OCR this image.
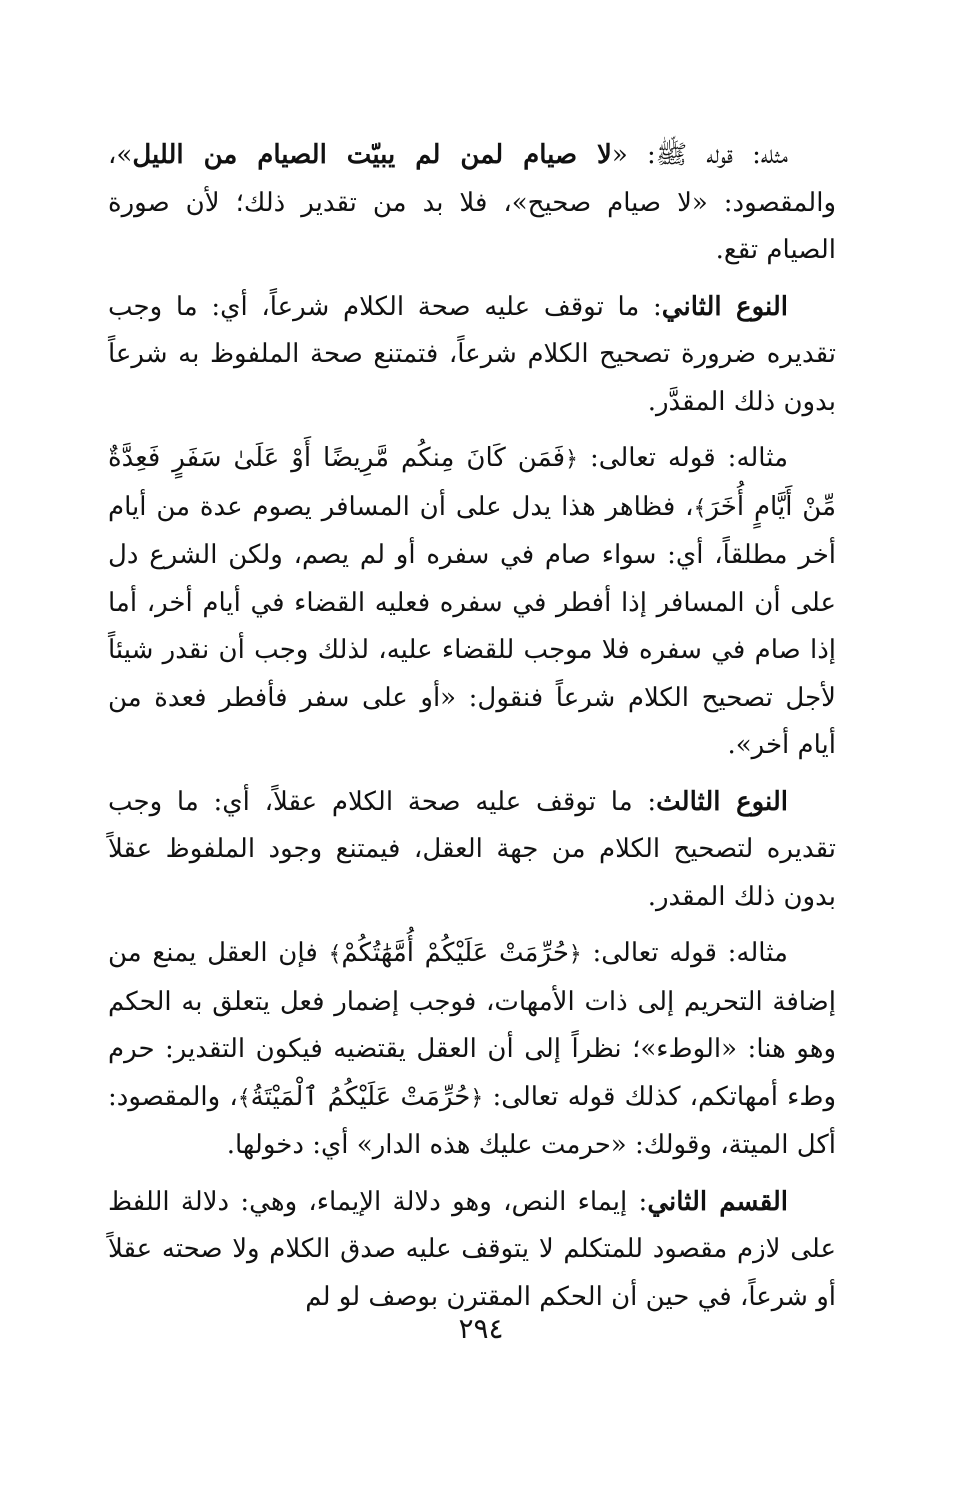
مثله: قوله ﷺ: «لا صيام لمن لم يبيّت الصيام من الليل»، والمقصود: «لا صيام صحيح»، فلا بد من تقدير ذلك؛ لأن صورة الصيام تقع.

النوع الثاني: ما توقف عليه صحة الكلام شرعاً، أي: ما وجب تقديره ضرورة تصحيح الكلام شرعاً، فتمتنع صحة الملفوظ به شرعاً بدون ذلك المقدَّر.

مثاله: قوله تعالى: ﴿فَمَن كَانَ مِنكُم مَّرِيضًا أَوْ عَلَىٰ سَفَرٍ فَعِدَّةٌ مِّنْ أَيَّامٍ أُخَرَ﴾، فظاهر هذا يدل على أن المسافر يصوم عدة من أيام أخر مطلقاً، أي: سواء صام في سفره أو لم يصم، ولكن الشرع دل على أن المسافر إذا أفطر في سفره فعليه القضاء في أيام أخر، أما إذا صام في سفره فلا موجب للقضاء عليه، لذلك وجب أن نقدر شيئاً لأجل تصحيح الكلام شرعاً فنقول: «أو على سفر فأفطر فعدة من أيام أخر».

النوع الثالث: ما توقف عليه صحة الكلام عقلاً، أي: ما وجب تقديره لتصحيح الكلام من جهة العقل، فيمتنع وجود الملفوظ عقلاً بدون ذلك المقدر.

مثاله: قوله تعالى: ﴿حُرِّمَتْ عَلَيْكُمْ أُمَّهَٰتُكُمْ﴾ فإن العقل يمنع من إضافة التحريم إلى ذات الأمهات، فوجب إضمار فعل يتعلق به الحكم وهو هنا: «الوطء»؛ نظراً إلى أن العقل يقتضيه فيكون التقدير: حرم وطء أمهاتكم، كذلك قوله تعالى: ﴿حُرِّمَتْ عَلَيْكُمُ ٱلْمَيْتَةُ﴾، والمقصود: أكل الميتة، وقولك: «حرمت عليك هذه الدار» أي: دخولها.

القسم الثاني: إيماء النص، وهو دلالة الإيماء، وهي: دلالة اللفظ على لازم مقصود للمتكلم لا يتوقف عليه صدق الكلام ولا صحته عقلاً أو شرعاً، في حين أن الحكم المقترن بوصف لو لم

٢٩٤
